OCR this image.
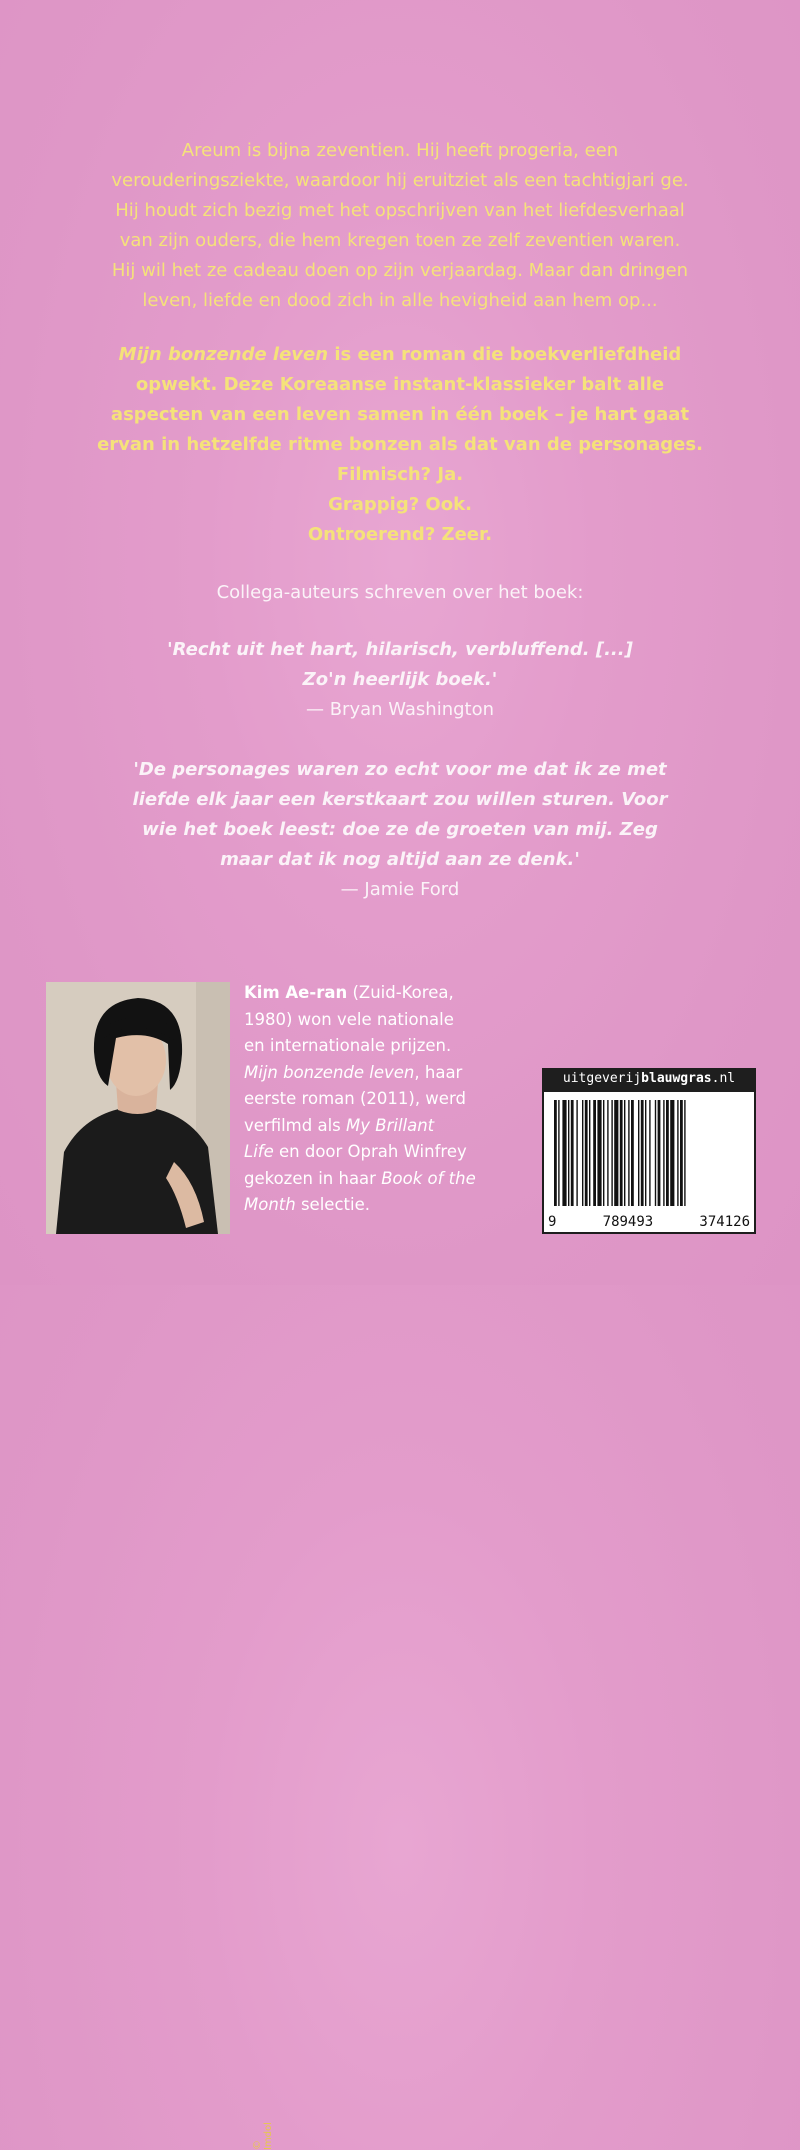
Areum is bijna zeventien. Hij heeft progeria, een
verouderingsziekte, waardoor hij eruitziet als een tachtigjari ge.
Hij houdt zich bezig met het opschrijven van het liefdesverhaal
van zijn ouders, die hem kregen toen ze zelf zeventien waren.
Hij wil het ze cadeau doen op zijn verjaardag. Maar dan dringen
leven, liefde en dood zich in alle hevigheid aan hem op...
Mijn bonzende leven is een roman die boekverliefdheid
opwekt. Deze Koreaanse instant-klassieker balt alle
aspecten van een leven samen in één boek – je hart gaat
ervan in hetzelfde ritme bonzen als dat van de personages.
Filmisch? Ja.
Grappig? Ook.
Ontroerend? Zeer.
Collega-auteurs schreven over het boek:
'Recht uit het hart, hilarisch, verbluffend. [...]
Zo'n heerlijk boek.'
— Bryan Washington
'De personages waren zo echt voor me dat ik ze met
liefde elk jaar een kerstkaart zou willen sturen. Voor
wie het boek leest: doe ze de groeten van mij. Zeg
maar dat ik nog altijd aan ze denk.'
— Jamie Ford
© Imdol
Kim Ae-ran (Zuid-Korea,
1980) won vele nationale
en internationale prijzen.
Mijn bonzende leven, haar
eerste roman (2011), werd
verfilmd als My Brillant
Life en door Oprah Winfrey
gekozen in haar Book of the
Month selectie.
uitgeverijblauwgras.nl
9	789493	374126
